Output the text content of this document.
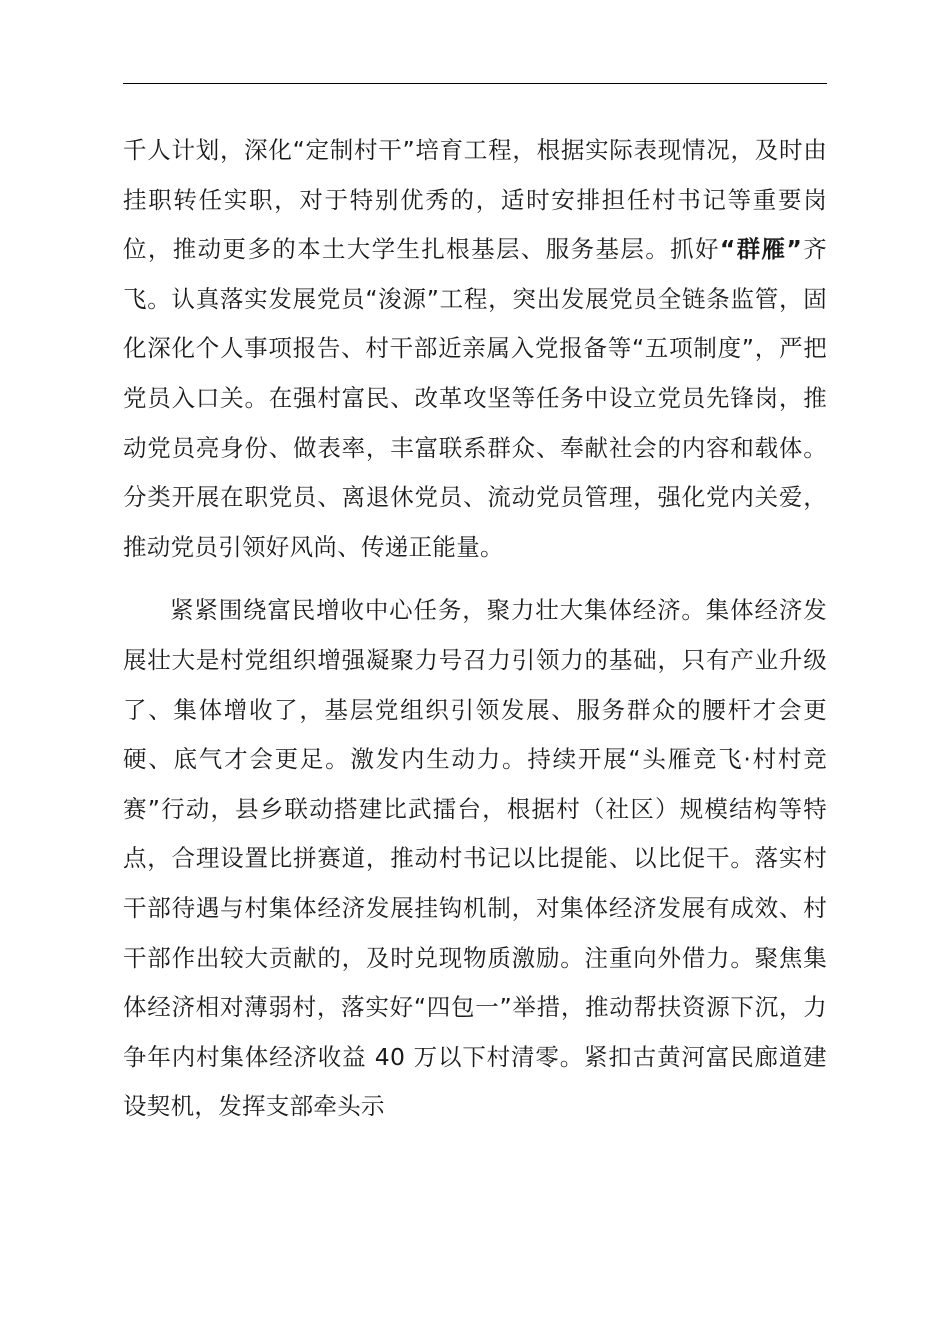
千人计划，深化“定制村干”培育工程，根据实际表现情况，及时由挂职转任实职，对于特别优秀的，适时安排担任村书记等重要岗位，推动更多的本土大学生扎根基层、服务基层。抓好“群雁”齐飞。认真落实发展党员“浚源”工程，突出发展党员全链条监管，固化深化个人事项报告、村干部近亲属入党报备等“五项制度”，严把党员入口关。在强村富民、改革攻坚等任务中设立党员先锋岗，推动党员亮身份、做表率，丰富联系群众、奉献社会的内容和载体。分类开展在职党员、离退休党员、流动党员管理，强化党内关爱，推动党员引领好风尚、传递正能量。

紧紧围绕富民增收中心任务，聚力壮大集体经济。集体经济发展壮大是村党组织增强凝聚力号召力引领力的基础，只有产业升级了、集体增收了，基层党组织引领发展、服务群众的腰杆才会更硬、底气才会更足。激发内生动力。持续开展“头雁竞飞·村村竞赛”行动，县乡联动搭建比武擂台，根据村（社区）规模结构等特点，合理设置比拼赛道，推动村书记以比提能、以比促干。落实村干部待遇与村集体经济发展挂钩机制，对集体经济发展有成效、村干部作出较大贡献的，及时兑现物质激励。注重向外借力。聚焦集体经济相对薄弱村，落实好“四包一”举措，推动帮扶资源下沉，力争年内村集体经济收益 40 万以下村清零。紧扣古黄河富民廊道建设契机，发挥支部牵头示
